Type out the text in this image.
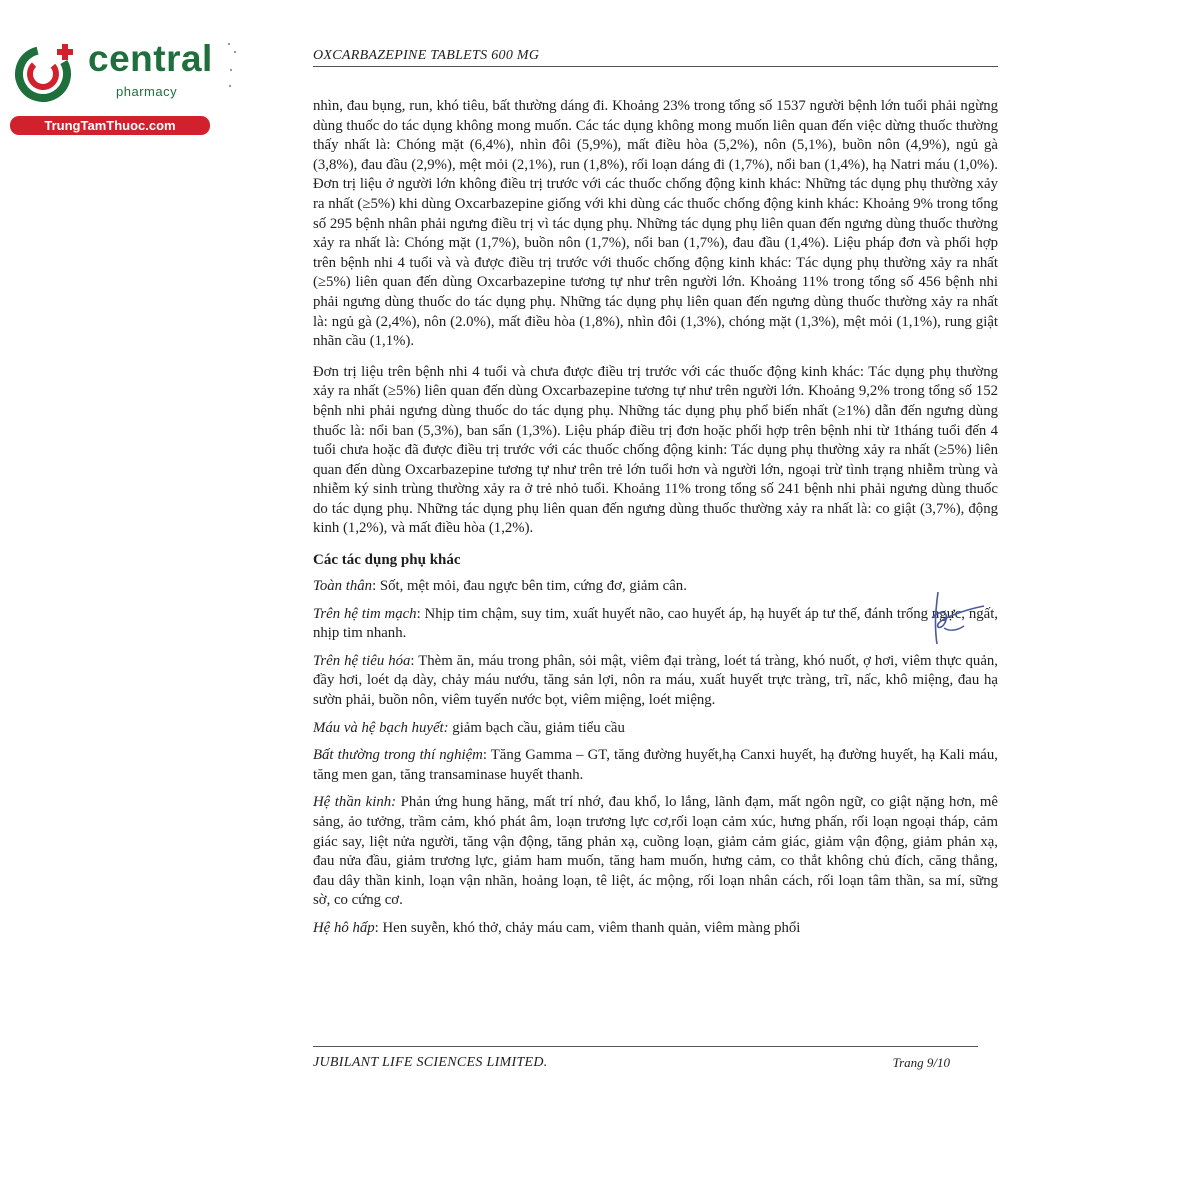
central
pharmacy
TrungTamThuoc.com
OXCARBAZEPINE TABLETS 600 MG

nhìn, đau bụng, run, khó tiêu, bất thường dáng đi. Khoảng 23% trong tổng số 1537 người bệnh lớn tuổi phải ngừng dùng thuốc do tác dụng không mong muốn. Các tác dụng không mong muốn liên quan đến việc dừng thuốc thường thấy nhất là: Chóng mặt (6,4%), nhìn đôi (5,9%), mất điều hòa (5,2%), nôn (5,1%), buồn nôn (4,9%), ngủ gà (3,8%), đau đầu (2,9%), mệt mỏi (2,1%), run (1,8%), rối loạn dáng đi (1,7%), nổi ban (1,4%), hạ Natri máu (1,0%). Đơn trị liệu ở người lớn không điều trị trước với các thuốc chống động kinh khác: Những tác dụng phụ thường xảy ra nhất (≥5%) khi dùng Oxcarbazepine giống với khi dùng các thuốc chống động kinh khác: Khoảng 9% trong tổng số 295 bệnh nhân phải ngưng điều trị vì tác dụng phụ. Những tác dụng phụ liên quan đến ngưng dùng thuốc thường xảy ra nhất là: Chóng mặt (1,7%), buồn nôn (1,7%), nổi ban (1,7%), đau đầu (1,4%). Liệu pháp đơn và phối hợp trên bệnh nhi 4 tuổi và và được điều trị trước với thuốc chống động kinh khác: Tác dụng phụ thường xảy ra nhất (≥5%) liên quan đến dùng Oxcarbazepine tương tự như trên người lớn. Khoảng 11% trong tổng số 456 bệnh nhi phải ngưng dùng thuốc do tác dụng phụ. Những tác dụng phụ liên quan đến ngưng dùng thuốc thường xảy ra nhất là: ngủ gà (2,4%), nôn (2.0%), mất điều hòa (1,8%), nhìn đôi (1,3%), chóng mặt (1,3%), mệt mỏi (1,1%), rung giật nhãn cầu (1,1%).

Đơn trị liệu trên bệnh nhi 4 tuổi và chưa được điều trị trước với các thuốc động kinh khác: Tác dụng phụ thường xảy ra nhất (≥5%) liên quan đến dùng Oxcarbazepine tương tự như trên người lớn. Khoảng 9,2% trong tổng số 152 bệnh nhi phải ngưng dùng thuốc do tác dụng phụ. Những tác dụng phụ phổ biến nhất (≥1%) dẫn đến ngưng dùng thuốc là: nổi ban (5,3%), ban sẩn (1,3%). Liệu pháp điều trị đơn hoặc phối hợp trên bệnh nhi từ 1tháng tuổi đến 4 tuổi chưa hoặc đã được điều trị trước với các thuốc chống động kinh: Tác dụng phụ thường xảy ra nhất (≥5%) liên quan đến dùng Oxcarbazepine tương tự như trên trẻ lớn tuổi hơn và người lớn, ngoại trừ tình trạng nhiễm trùng và nhiễm ký sinh trùng thường xảy ra ở trẻ nhỏ tuổi. Khoảng 11% trong tổng số 241 bệnh nhi phải ngưng dùng thuốc do tác dụng phụ. Những tác dụng phụ liên quan đến ngưng dùng thuốc thường xảy ra nhất là: co giật (3,7%), động kinh (1,2%), và mất điều hòa (1,2%).

Các tác dụng phụ khác

Toàn thân: Sốt, mệt mỏi, đau ngực bên tim, cứng đơ, giảm cân.

Trên hệ tim mạch: Nhịp tim chậm, suy tim, xuất huyết não, cao huyết áp, hạ huyết áp tư thế, đánh trống ngực, ngất, nhịp tim nhanh.

Trên hệ tiêu hóa: Thèm ăn, máu trong phân, sỏi mật, viêm đại tràng, loét tá tràng, khó nuốt, ợ hơi, viêm thực quản, đầy hơi, loét dạ dày, chảy máu nướu, tăng sản lợi, nôn ra máu, xuất huyết trực tràng, trĩ, nấc, khô miệng, đau hạ sườn phải, buồn nôn, viêm tuyến nước bọt, viêm miệng, loét miệng.

Máu và hệ bạch huyết: giảm bạch cầu, giảm tiểu cầu

Bất thường trong thí nghiệm: Tăng Gamma – GT, tăng đường huyết,hạ Canxi huyết, hạ đường huyết, hạ Kali máu, tăng men gan, tăng transaminase huyết thanh.

Hệ thần kinh: Phản ứng hung hăng, mất trí nhớ, đau khổ, lo lắng, lãnh đạm, mất ngôn ngữ, co giật nặng hơn, mê sảng, ảo tưởng, trầm cảm, khó phát âm, loạn trương lực cơ,rối loạn cảm xúc, hưng phấn, rối loạn ngoại tháp, cảm giác say, liệt nửa người, tăng vận động, tăng phản xạ, cuồng loạn, giảm cảm giác, giảm vận động, giảm phản xạ, đau nửa đầu, giảm trương lực, giảm ham muốn, tăng ham muốn, hưng cảm, co thắt không chủ đích, căng thẳng, đau dây thần kinh, loạn vận nhãn, hoảng loạn, tê liệt, ác mộng, rối loạn nhân cách, rối loạn tâm thần, sa mí, sững sờ, co cứng cơ.

Hệ hô hấp: Hen suyễn, khó thở, chảy máu cam, viêm thanh quản, viêm màng phổi

JUBILANT LIFE SCIENCES LIMITED.	Trang 9/10
